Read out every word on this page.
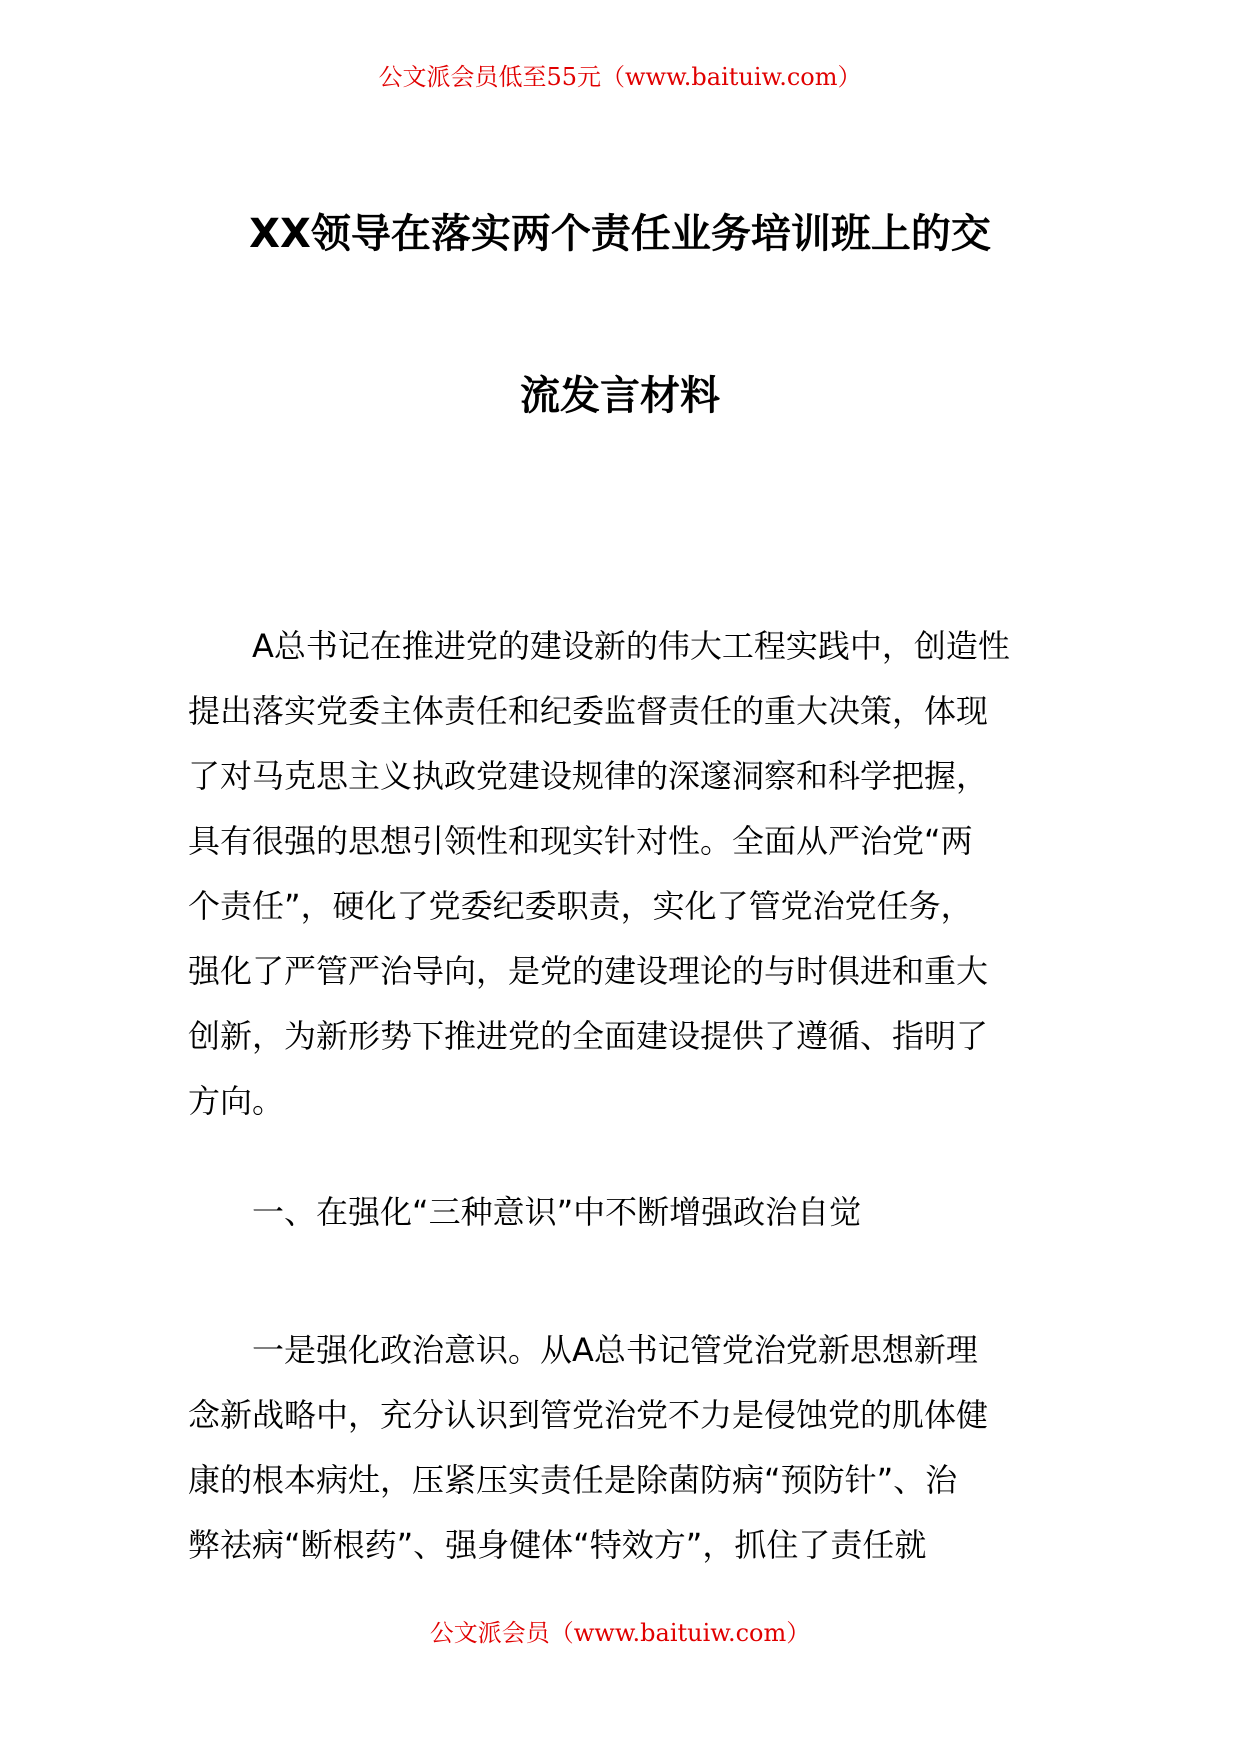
公文派会员低至55元（www.baituiw.com）
XX领导在落实两个责任业务培训班上的交
流发言材料
　　A总书记在推进党的建设新的伟大工程实践中，创造性
提出落实党委主体责任和纪委监督责任的重大决策，体现
了对马克思主义执政党建设规律的深邃洞察和科学把握，
具有很强的思想引领性和现实针对性。全面从严治党“两
个责任”，硬化了党委纪委职责，实化了管党治党任务，
强化了严管严治导向，是党的建设理论的与时俱进和重大
创新，为新形势下推进党的全面建设提供了遵循、指明了
方向。
　　一、在强化“三种意识”中不断增强政治自觉
　　一是强化政治意识。从A总书记管党治党新思想新理
念新战略中，充分认识到管党治党不力是侵蚀党的肌体健
康的根本病灶，压紧压实责任是除菌防病“预防针”、治
弊祛病“断根药”、强身健体“特效方”，抓住了责任就
公文派会员（www.baituiw.com）
